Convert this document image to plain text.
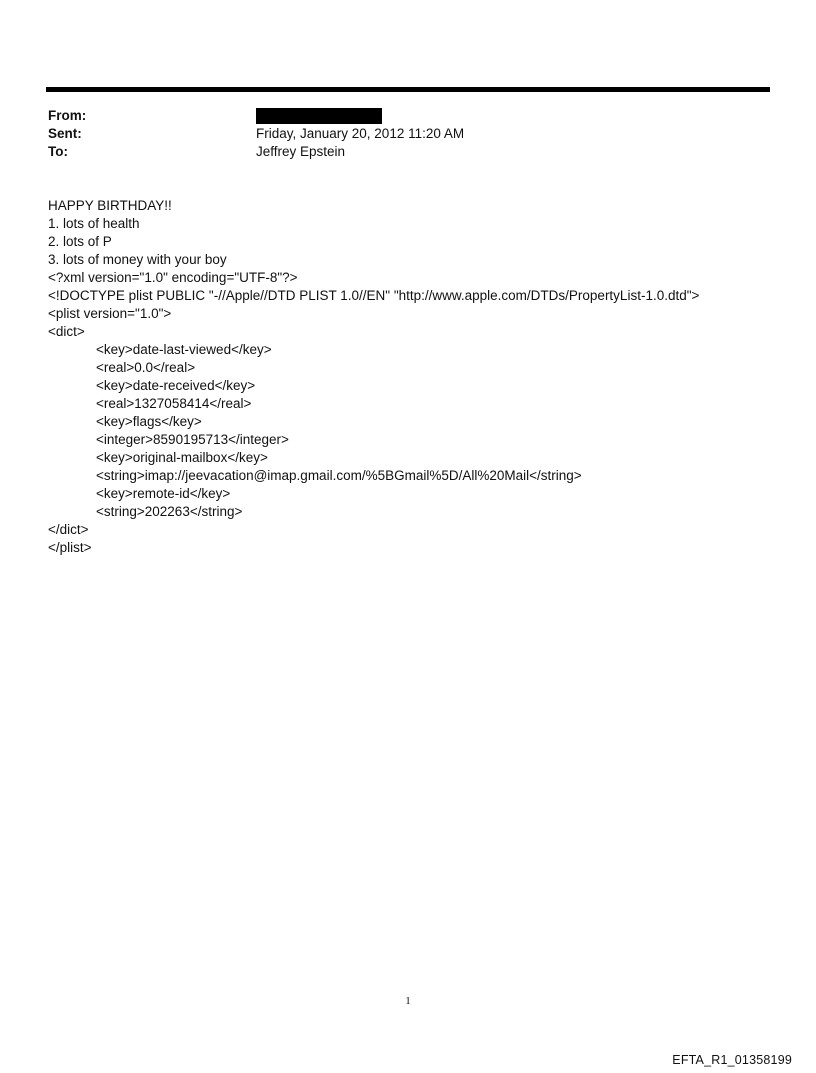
From:
Sent:	Friday, January 20, 2012 11:20 AM
To:	Jeffrey Epstein
HAPPY BIRTHDAY!!
1. lots of health
2. lots of P
3. lots of money with your boy
<?xml version="1.0" encoding="UTF-8"?>
<!DOCTYPE plist PUBLIC "-//Apple//DTD PLIST 1.0//EN" "http://www.apple.com/DTDs/PropertyList-1.0.dtd">
<plist version="1.0">
<dict>
<key>date-last-viewed</key>
<real>0.0</real>
<key>date-received</key>
<real>1327058414</real>
<key>flags</key>
<integer>8590195713</integer>
<key>original-mailbox</key>
<string>imap://jeevacation@imap.gmail.com/%5BGmail%5D/All%20Mail</string>
<key>remote-id</key>
<string>202263</string>
</dict>
</plist>
1
EFTA_R1_01358199
